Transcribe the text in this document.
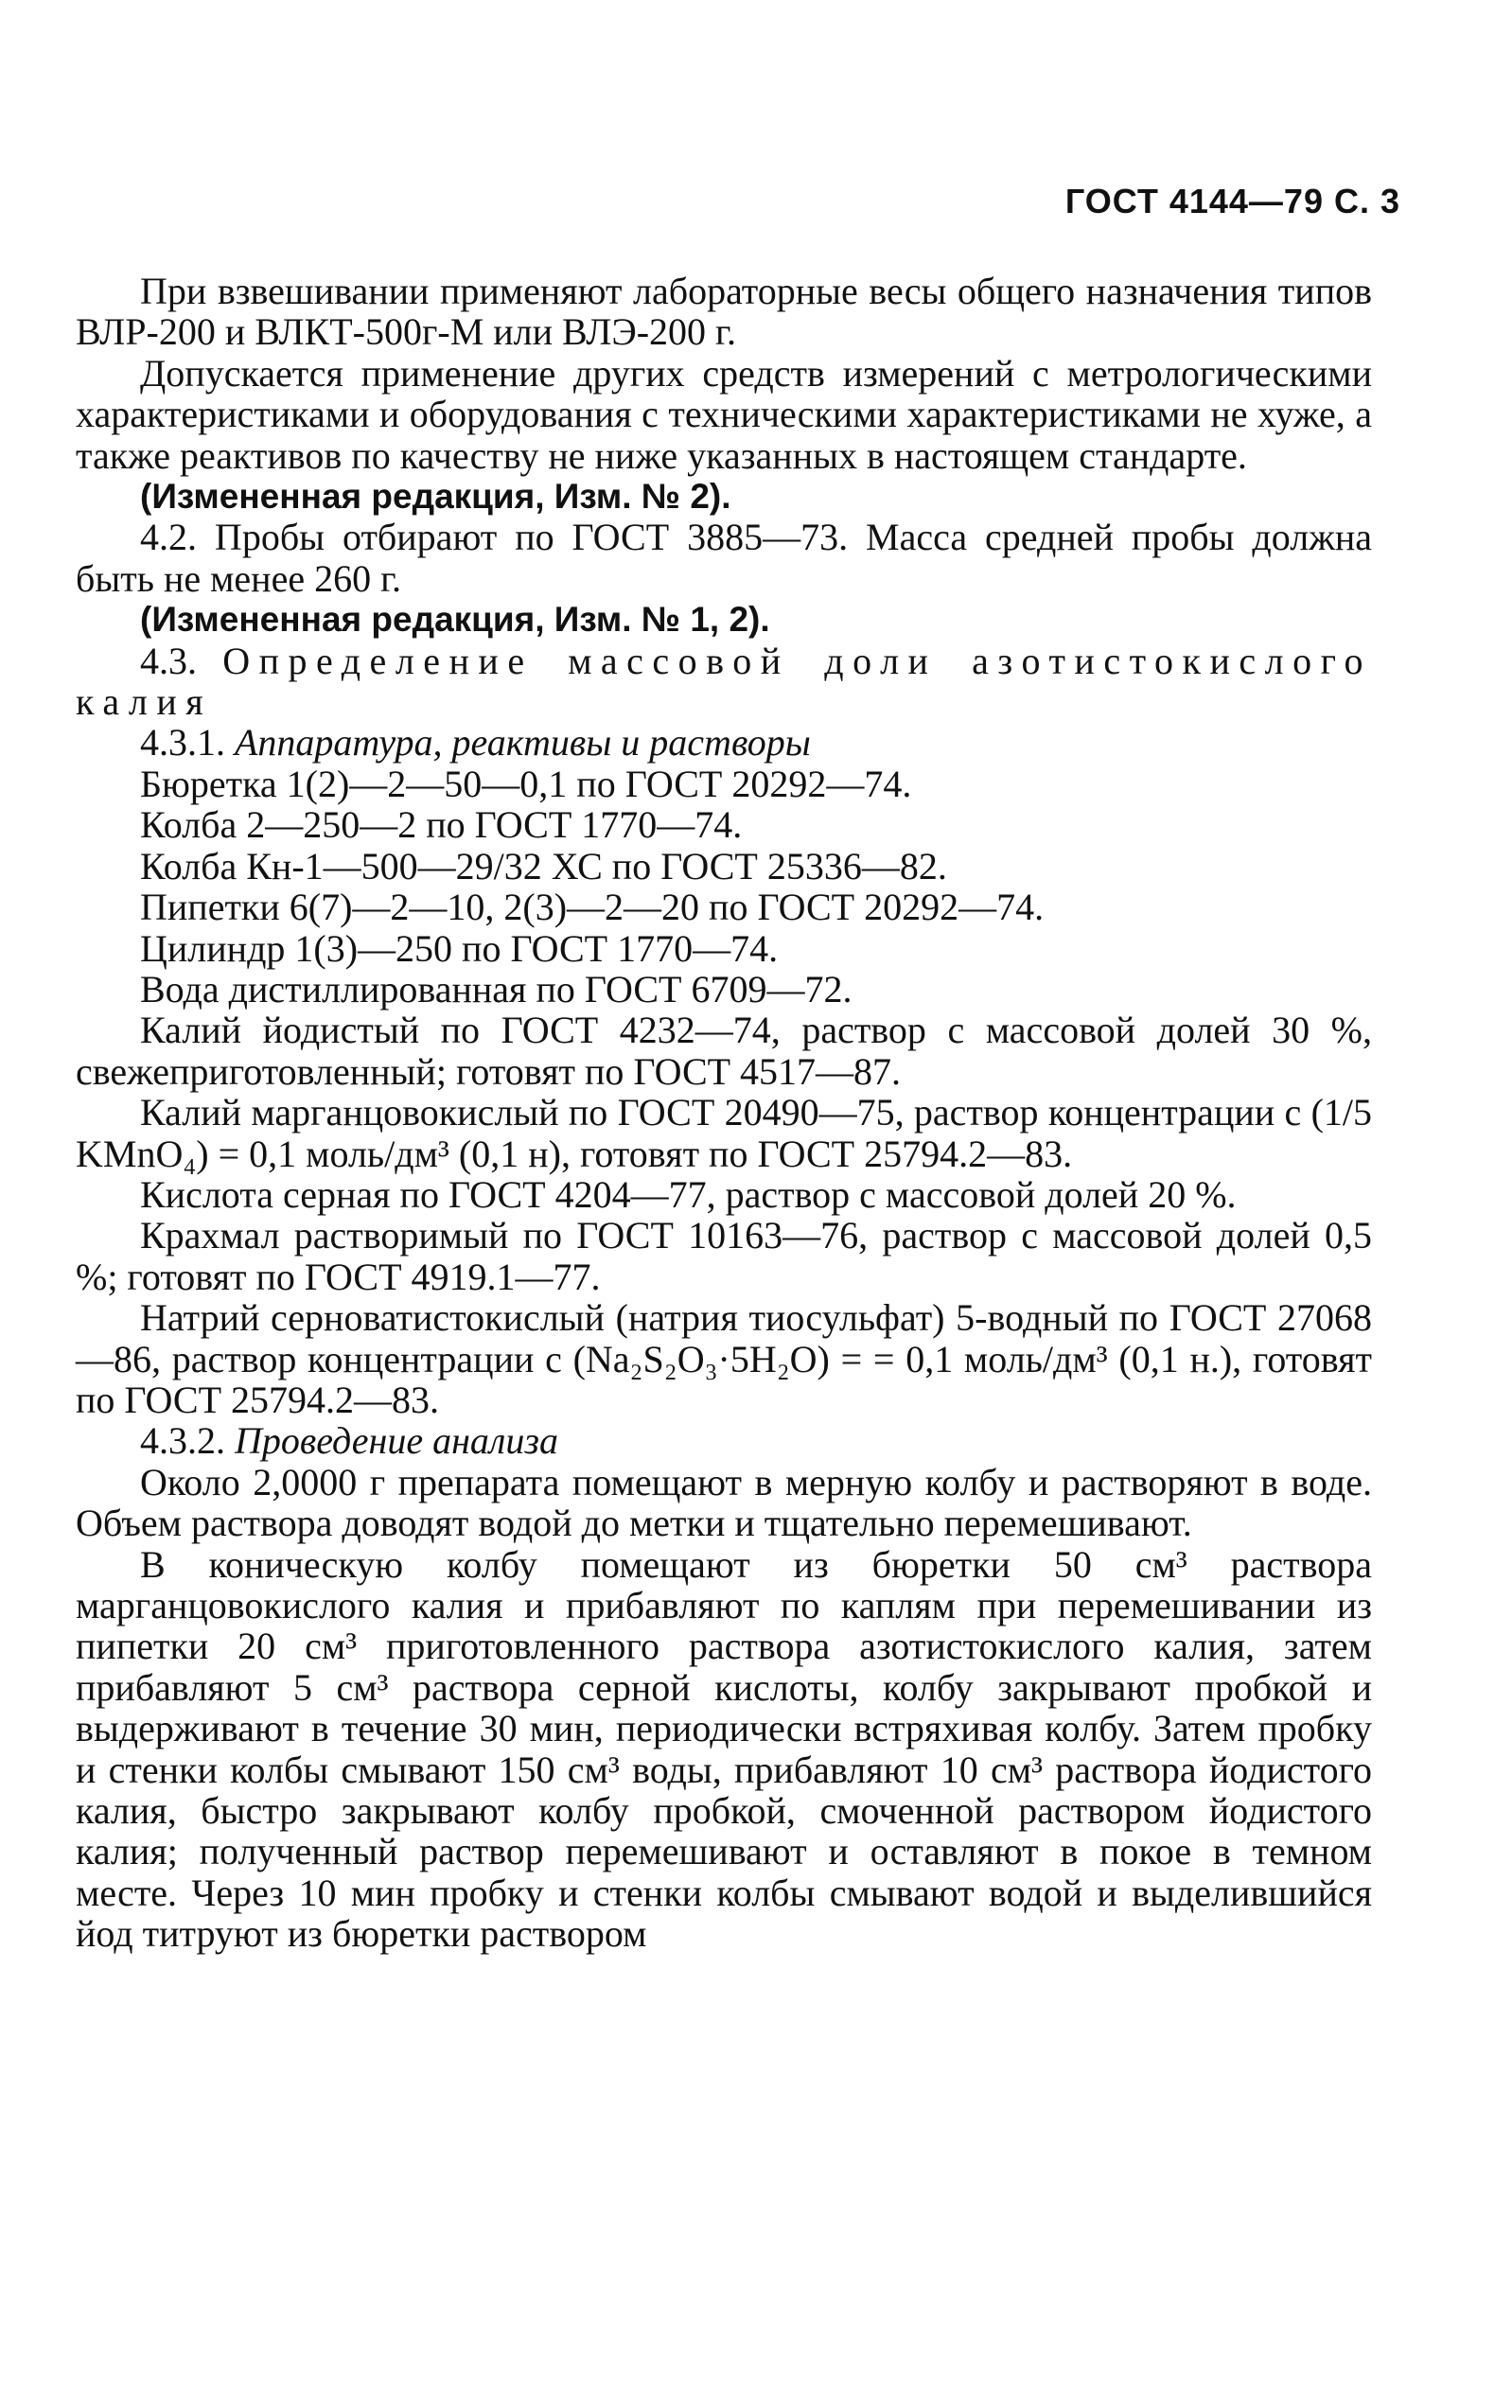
ГОСТ 4144—79 С. 3

При взвешивании применяют лабораторные весы общего назначения типов ВЛР-200 и ВЛКТ-500г-М или ВЛЭ-200 г.

Допускается применение других средств измерений с метрологическими характеристиками и оборудования с техническими характеристиками не хуже, а также реактивов по качеству не ниже указанных в настоящем стандарте.

(Измененная редакция, Изм. № 2).

4.2. Пробы отбирают по ГОСТ 3885—73. Масса средней пробы должна быть не менее 260 г.

(Измененная редакция, Изм. № 1, 2).

4.3. Определение массовой доли азотистокислого калия

4.3.1. Аппаратура, реактивы и растворы

Бюретка 1(2)—2—50—0,1 по ГОСТ 20292—74.

Колба 2—250—2 по ГОСТ 1770—74.

Колба Кн-1—500—29/32 ХС по ГОСТ 25336—82.

Пипетки 6(7)—2—10, 2(3)—2—20 по ГОСТ 20292—74.

Цилиндр 1(3)—250 по ГОСТ 1770—74.

Вода дистиллированная по ГОСТ 6709—72.

Калий йодистый по ГОСТ 4232—74, раствор с массовой долей 30 %, свежеприготовленный; готовят по ГОСТ 4517—87.

Калий марганцовокислый по ГОСТ 20490—75, раствор концентрации c (1/5 KMnO₄) = 0,1 моль/дм³ (0,1 н), готовят по ГОСТ 25794.2—83.

Кислота серная по ГОСТ 4204—77, раствор с массовой долей 20 %.

Крахмал растворимый по ГОСТ 10163—76, раствор с массовой долей 0,5 %; готовят по ГОСТ 4919.1—77.

Натрий серноватистокислый (натрия тиосульфат) 5-водный по ГОСТ 27068—86, раствор концентрации c (Na₂S₂O₃·5H₂O) = = 0,1 моль/дм³ (0,1 н.), готовят по ГОСТ 25794.2—83.

4.3.2. Проведение анализа

Около 2,0000 г препарата помещают в мерную колбу и растворяют в воде. Объем раствора доводят водой до метки и тщательно перемешивают.

В коническую колбу помещают из бюретки 50 см³ раствора марганцовокислого калия и прибавляют по каплям при перемешивании из пипетки 20 см³ приготовленного раствора азотистокислого калия, затем прибавляют 5 см³ раствора серной кислоты, колбу закрывают пробкой и выдерживают в течение 30 мин, периодически встряхивая колбу. Затем пробку и стенки колбы смывают 150 см³ воды, прибавляют 10 см³ раствора йодистого калия, быстро закрывают колбу пробкой, смоченной раствором йодистого калия; полученный раствор перемешивают и оставляют в покое в темном месте. Через 10 мин пробку и стенки колбы смывают водой и выделившийся йод титруют из бюретки раствором
